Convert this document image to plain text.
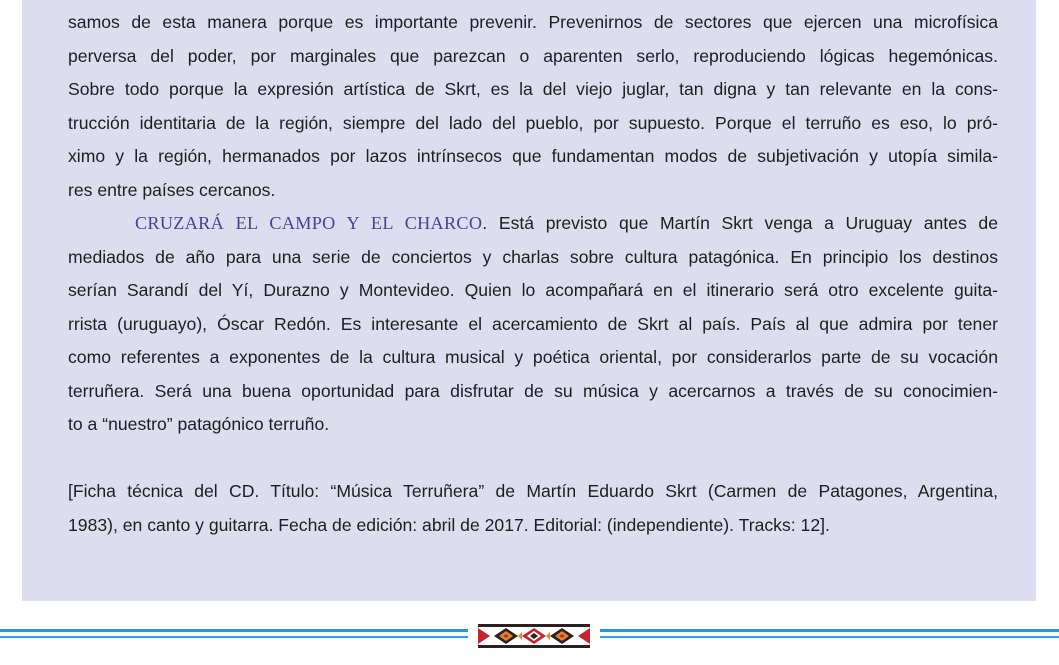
samos de esta manera porque es importante prevenir. Prevenirnos de sectores que ejercen una microfísica
perversa del poder, por marginales que parezcan o aparenten serlo, reproduciendo lógicas hegemónicas.
Sobre todo porque la expresión artística de Skrt, es la del viejo juglar, tan digna y tan relevante en la cons-
trucción identitaria de la región, siempre del lado del pueblo, por supuesto. Porque el terruño es eso, lo pró-
ximo y la región, hermanados por lazos intrínsecos que fundamentan modos de subjetivación y utopía simila-
res entre países cercanos.
CRUZARÁ EL CAMPO Y EL CHARCO. Está previsto que Martín Skrt venga a Uruguay antes de
mediados de año para una serie de conciertos y charlas sobre cultura patagónica. En principio los destinos
serían Sarandí del Yí, Durazno y Montevideo. Quien lo acompañará en el itinerario será otro excelente guita-
rrista (uruguayo), Óscar Redón. Es interesante el acercamiento de Skrt al país. País al que admira por tener
como referentes a exponentes de la cultura musical y poética oriental, por considerarlos parte de su vocación
terruñera. Será una buena oportunidad para disfrutar de su música y acercarnos a través de su conocimien-
to a “nuestro” patagónico terruño.
[Ficha técnica del CD. Título: “Música Terruñera” de Martín Eduardo Skrt (Carmen de Patagones, Argentina,
1983), en canto y guitarra. Fecha de edición: abril de 2017. Editorial: (independiente). Tracks: 12].
